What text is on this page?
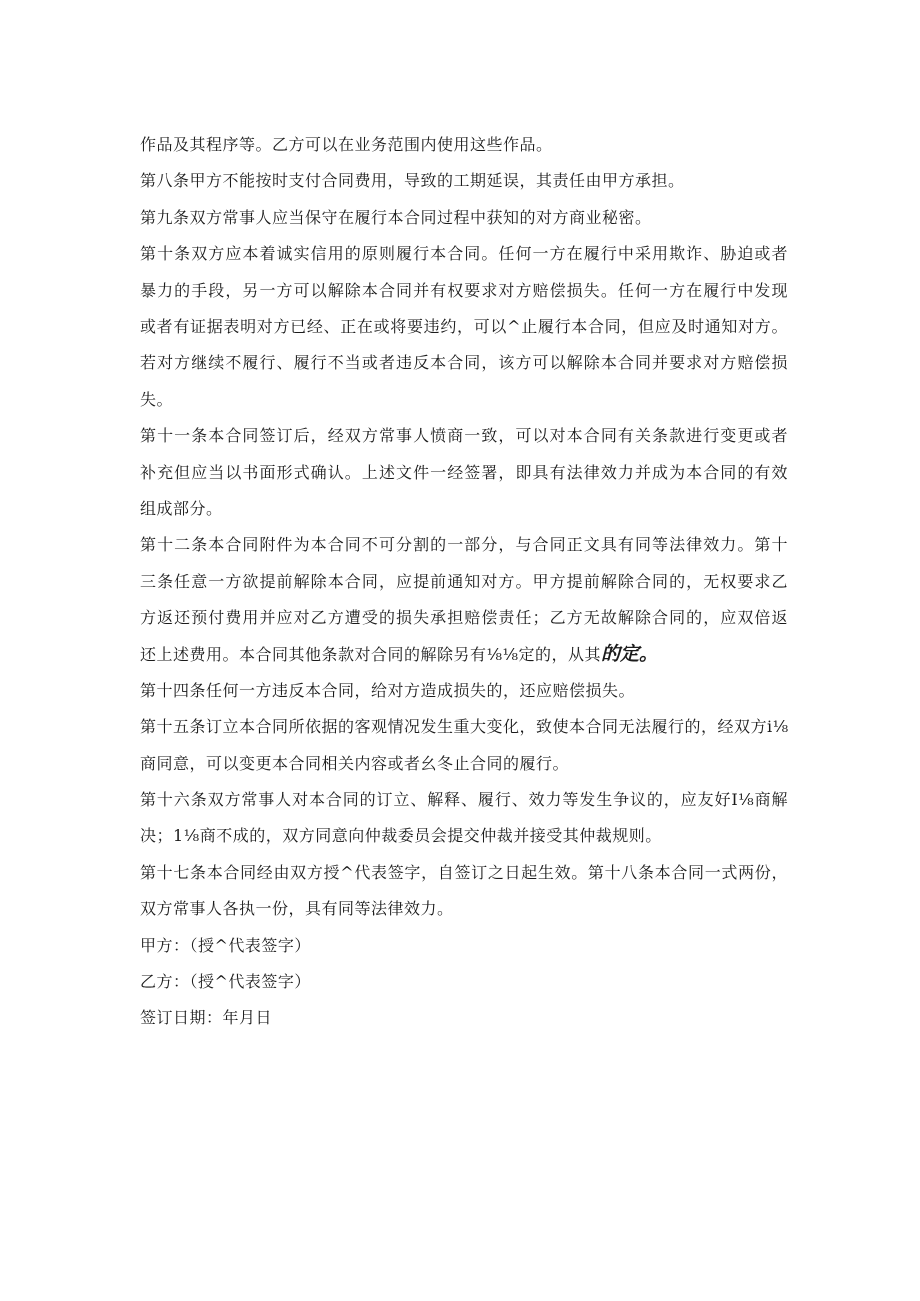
作品及其程序等。乙方可以在业务范围内使用这些作品。
第八条甲方不能按时支付合同费用，导致的工期延误，其责任由甲方承担。
第九条双方常事人应当保守在履行本合同过程中获知的对方商业秘密。
第十条双方应本着诚实信用的原则履行本合同。任何一方在履行中采用欺诈、胁迫或者
暴力的手段，另一方可以解除本合同并有权要求对方赔偿损失。任何一方在履行中发现
或者有证据表明对方已经、正在或将要违约，可以^止履行本合同，但应及时通知对方。
若对方继续不履行、履行不当或者违反本合同，该方可以解除本合同并要求对方赔偿损
失。
第十一条本合同签订后，经双方常事人愤商一致，可以对本合同有关条款进行变更或者
补充但应当以书面形式确认。上述文件一经签署，即具有法律效力并成为本合同的有效
组成部分。
第十二条本合同附件为本合同不可分割的一部分，与合同正文具有同等法律效力。第十
三条任意一方欲提前解除本合同，应提前通知对方。甲方提前解除合同的，无权要求乙
方返还预付费用并应对乙方遭受的损失承担赔偿责任；乙方无故解除合同的，应双倍返
还上述费用。本合同其他条款对合同的解除另有⅛⅛定的，从其的定。
第十四条任何一方违反本合同，给对方造成损失的，还应赔偿损失。
第十五条订立本合同所依据的客观情况发生重大变化，致使本合同无法履行的，经双方i⅛
商同意，可以变更本合同相关内容或者幺冬止合同的履行。
第十六条双方常事人对本合同的订立、解释、履行、效力等发生争议的，应友好I⅛商解
决；1⅛商不成的，双方同意向仲裁委员会提交仲裁并接受其仲裁规则。
第十七条本合同经由双方授^代表签字，自签订之日起生效。第十八条本合同一式两份，
双方常事人各执一份，具有同等法律效力。
甲方：（授^代表签字）
乙方：（授^代表签字）
签订日期：年月日
